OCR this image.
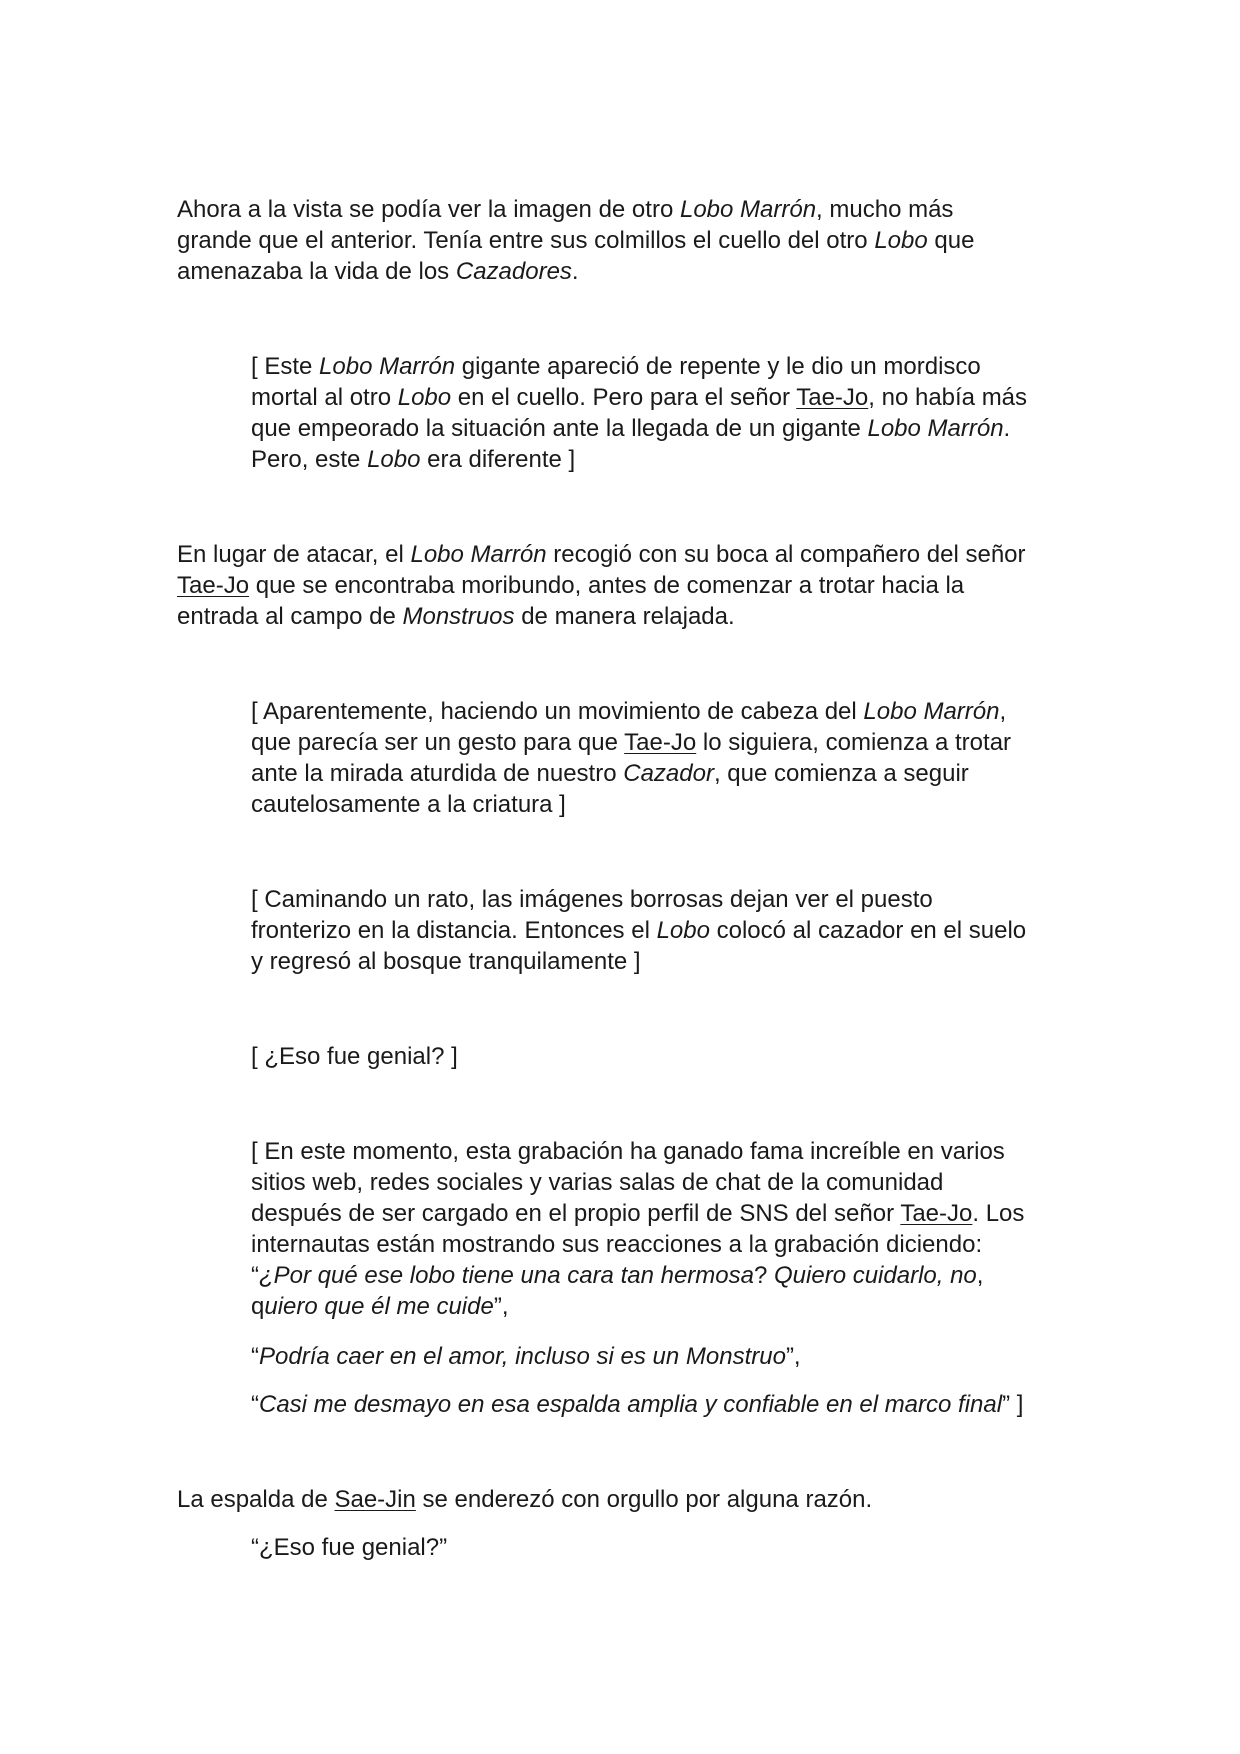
Ahora a la vista se podía ver la imagen de otro Lobo Marrón, mucho más
grande que el anterior. Tenía entre sus colmillos el cuello del otro Lobo que
amenazaba la vida de los Cazadores.

[ Este Lobo Marrón gigante apareció de repente y le dio un mordisco
mortal al otro Lobo en el cuello. Pero para el señor Tae-Jo, no había más
que empeorado la situación ante la llegada de un gigante Lobo Marrón.
Pero, este Lobo era diferente ]

En lugar de atacar, el Lobo Marrón recogió con su boca al compañero del señor
Tae-Jo que se encontraba moribundo, antes de comenzar a trotar hacia la
entrada al campo de Monstruos de manera relajada.

[ Aparentemente, haciendo un movimiento de cabeza del Lobo Marrón,
que parecía ser un gesto para que Tae-Jo lo siguiera, comienza a trotar
ante la mirada aturdida de nuestro Cazador, que comienza a seguir
cautelosamente a la criatura ]

[ Caminando un rato, las imágenes borrosas dejan ver el puesto
fronterizo en la distancia. Entonces el Lobo colocó al cazador en el suelo
y regresó al bosque tranquilamente ]

[ ¿Eso fue genial? ]

[ En este momento, esta grabación ha ganado fama increíble en varios
sitios web, redes sociales y varias salas de chat de la comunidad
después de ser cargado en el propio perfil de SNS del señor Tae-Jo. Los
internautas están mostrando sus reacciones a la grabación diciendo:
“¿Por qué ese lobo tiene una cara tan hermosa? Quiero cuidarlo, no,
quiero que él me cuide”,

“Podría caer en el amor, incluso si es un Monstruo”,

“Casi me desmayo en esa espalda amplia y confiable en el marco final” ]

La espalda de Sae-Jin se enderezó con orgullo por alguna razón.

“¿Eso fue genial?”
